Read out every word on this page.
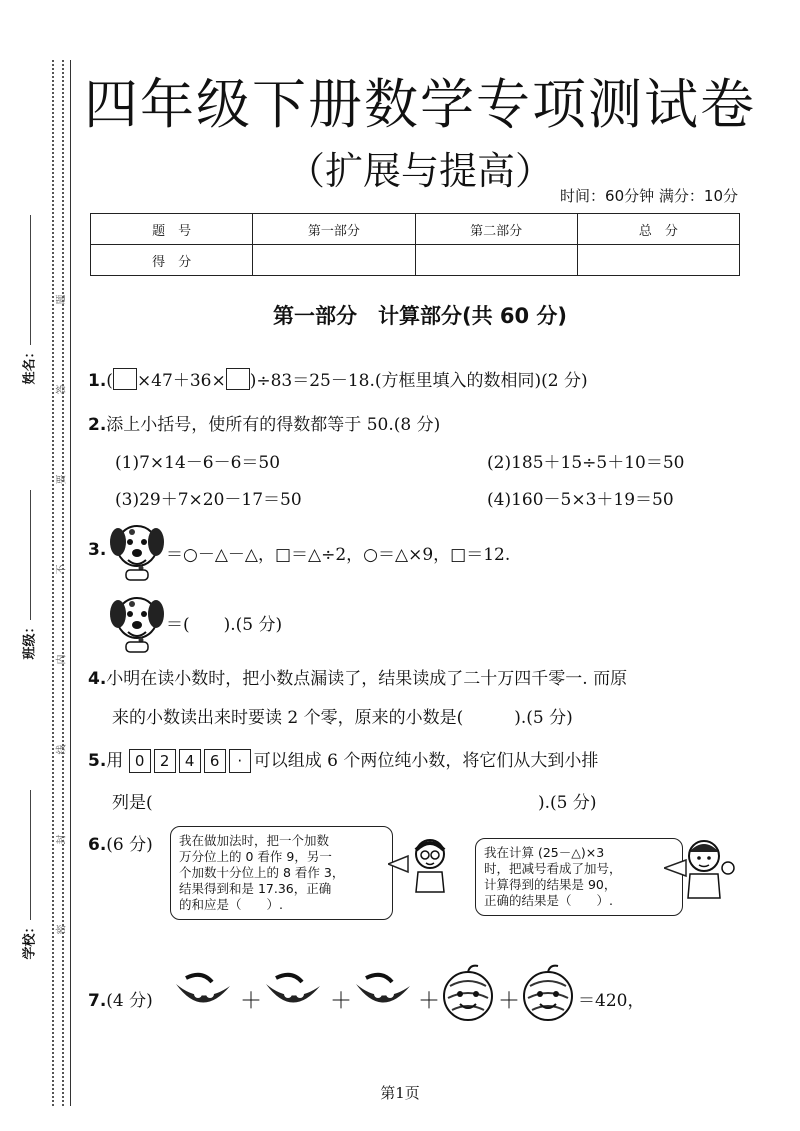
姓名：
班级：
学校：
题
答
要
不
内
线
封
密
四年级下册数学专项测试卷
（扩展与提高）
时间：60分钟 满分：10分
题　号	第一部分	第二部分	总　分
得　分			
第一部分　计算部分(共 60 分)
1.( ×47＋36× )÷83＝25－18.(方框里填入的数相同)(2 分)
2.添上小括号，使所有的得数都等于 50.(8 分)
(1)7×14－6－6＝50	(2)185＋15÷5＋10＝50
(3)29＋7×20－17＝50	(4)160－5×3＋19＝50
3.	＝○－△－△，□＝△÷2，○＝△×9，□＝12.
＝(　　).(5 分)
4.小明在读小数时，把小数点漏读了，结果读成了二十万四千零一. 而原
来的小数读出来时要读 2 个零，原来的小数是(　　　).(5 分)
5.用 0 2 4 6 · 可以组成 6 个两位纯小数，将它们从大到小排
列是(	).(5 分)
6.(6 分) 我在做加法时，把一个加数
万分位上的 0 看作 9，另一
个加数十分位上的 8 看作 3，
结果得到和是 17.36，正确
的和应是（　　）.
我在计算 (25－△)×3
时，把减号看成了加号，
计算得到的结果是 90，
正确的结果是（　　）.
7.(4 分)	＋	＋	＋	＋	＝420，
第1页
